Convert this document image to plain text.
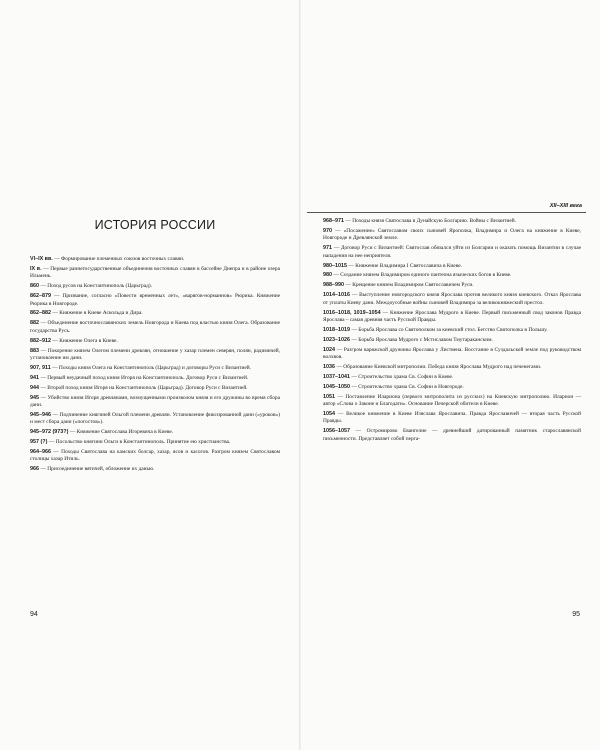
ИСТОРИЯ РОССИИ

VI–IX вв. — Формирование племенных союзов восточных славян.

IX в. — Первые раннегосударственные объединения восточных славян в бассейне Днепра и в районе озера Ильмень.

860 — Поход русов на Константинополь (Царьград).

862–879 — Призвание, согласно «Повести временных лет», «варягов-норманнов» Рюрика. Княжение Рюрика в Новгороде.

862–882 — Княжение в Киеве Аскольда и Дира.

882 — Объединение восточнославянских земель Новгорода и Киева под властью князя Олега. Образование государства Русь.

882–912 — Княжение Олега в Киеве.

883 — Покорение князем Олегом племени древлян, отношение у хазар племен северян, полян, радимичей, установление им дани.

907, 911 — Походы князя Олега на Константинополь (Царьград) и договоры Руси с Византией.

941 — Первый неудачный поход князя Игоря на Константинополь. Договор Руси с Византией.

944 — Второй поход князя Игоря на Константинополь (Царьград). Договор Руси с Византией.

945 — Убийство князя Игоря древлянами, возмущенными произволом князя и его дружины во время сбора дани.

945–946 — Подчинение княгиней Ольгой племени древлян. Установление фиксированной дани («уроков») и мест сбора дани («погостов»).

945–972 (973?) — Княжение Святослава Игоревича в Киеве.

957 (?) — Посольство княгини Ольги в Константинополь. Принятие ею христианства.

964–966 — Походы Святослава на камских болгар, хазар, ясов и касогов. Разгром князем Святославом столицы хазар Итиль.

966 — Присоединение вятичей, обложение их данью.

94
XII–XIII века

968–971 — Походы князя Святослава в Дунайскую Болгарию. Войны с Византией.

970 — «Посажение» Святославом своих сыновей Ярополка, Владимира и Олега на княжение в Киеве, Новгороде и Древлянской земле.

971 — Договор Руси с Византией: Святослав обязался уйти из Болгарии и оказать помощь Византии в случае нападения на нее неприятеля.

980–1015 — Княжение Владимира I Святославича в Киеве.

980 — Создание князем Владимиром единого пантеона языческих богов в Киеве.

988–990 — Крещение князем Владимиром Святославичем Руси.

1014–1016 — Выступление новгородского князя Ярослава против великого князя киевского. Отказ Ярослава от уплаты Киеву дани. Междоусобные войны сыновей Владимира за великокняжеский престол.

1016–1018, 1019–1054 — Княжение Ярослава Мудрого в Киеве. Первый письменный свод законов Правда Ярослава – самая древняя часть Русской Правды.

1018–1019 — Борьба Ярослава со Святополком за киевский стол. Бегство Святополка в Польшу.

1023–1026 — Борьба Ярослава Мудрого с Мстиславом Тмутараканским.

1024 — Разгром варяжской дружины Ярослава у Листвена. Восстание в Суздальской земле под руководством волхвов.

1036 — Образование Киевской митрополии. Победа князя Ярослава Мудрого над печенегами.

1037–1041 — Строительство храма Св. Софии в Киеве.

1045–1050 — Строительство храма Св. Софии в Новгороде.

1051 — Поставление Илариона (первого митрополита из русских) на Киевскую митрополию. Иларион — автор «Слова о Законе и Благодати». Основание Печерской обители в Киеве.

1054 — Великое княжение в Киеве Изяслава Ярославича. Правда Ярославичей — вторая часть Русской Правды.

1056–1057 — Остромирово Евангелие — древнейший датированный памятник старославянской письменности. Представляет собой перга-

95
